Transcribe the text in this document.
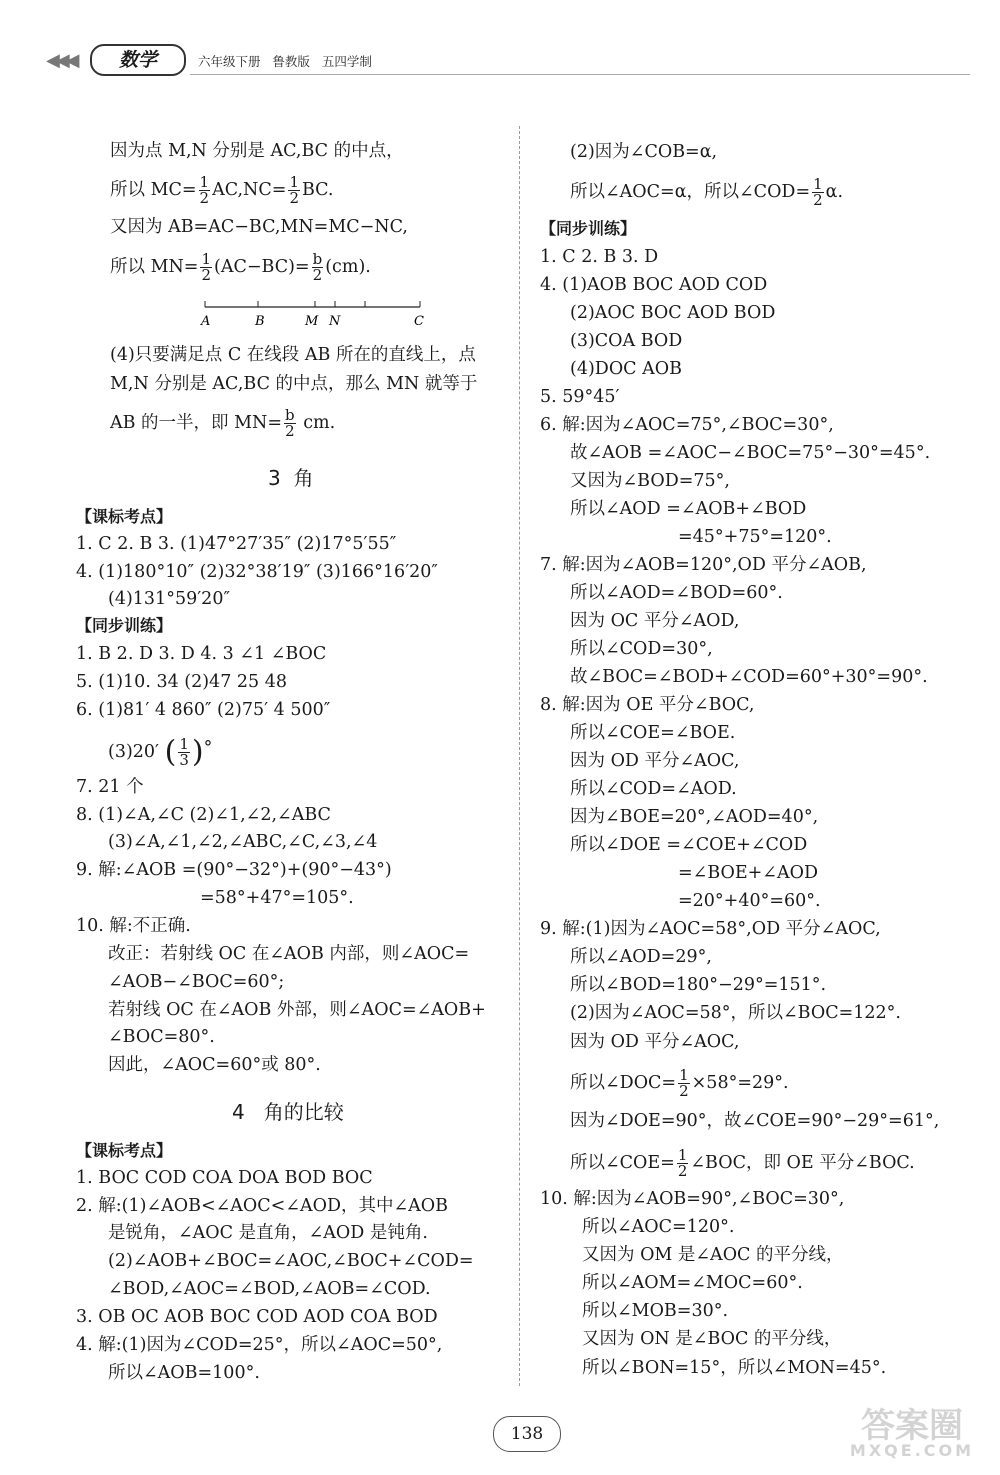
◀◀◀	数学	六年级下册   鲁教版   五四学制
因为点 M,N 分别是 AC,BC 的中点，
所以 $MC= \frac{1}{2} AC,NC= \frac{1}{2}$ BC.
又因为 AB=AC−BC,MN=MC−NC,
所以 $MN= \frac{1}{2} (AC-BC)= \frac{b}{2} (cm)$.
A	B	M N	C
(4)只要满足点 C 在线段 AB 所在的直线上，点
M,N 分别是 AC,BC 的中点，那么 MN 就等于
AB 的一半，即 $MN= \frac{b}{2}$ cm.
3  角
【课标考点】
1. C 2. B 3. (1)47°27′35″ (2)17°5′55″
4. (1)180°10″ (2)32°38′19″ (3)166°16′20″
(4)131°59′20″
【同步训练】
1. B 2. D 3. D 4. 3 ∠1 ∠BOC
5. (1)10. 34 (2)47 25 48
6. (1)81′ 4 860″ (2)75′ 4 500″
(3)20′ ( $\frac{1}{3}$ )°
7. 21 个
8. (1)∠A,∠C (2)∠1,∠2,∠ABC
(3)∠A,∠1,∠2,∠ABC,∠C,∠3,∠4
9. 解:∠AOB =(90°−32°)+(90°−43°)
=58°+47°=105°.
10. 解:不正确.
改正：若射线 OC 在∠AOB 内部，则∠AOC=
∠AOB−∠BOC=60°;
若射线 OC 在∠AOB 外部，则∠AOC=∠AOB+
∠BOC=80°.
因此，∠AOC=60°或 80°.
4   角的比较
【课标考点】
1. BOC COD COA DOA BOD BOC
2. 解:(1)∠AOB<∠AOC<∠AOD，其中∠AOB
是锐角，∠AOC 是直角，∠AOD 是钝角.
(2)∠AOB+∠BOC=∠AOC,∠BOC+∠COD=
∠BOD,∠AOC=∠BOD,∠AOB=∠COD.
3. OB OC AOB BOC COD AOD COA BOD
4. 解:(1)因为∠COD=25°，所以∠AOC=50°,
所以∠AOB=100°.
(2)因为∠COB=α,
所以∠AOC=α，所以∠COD= $\frac{1}{2} \alpha$.
【同步训练】
1. C 2. B 3. D
4. (1)AOB BOC AOD COD
(2)AOC BOC AOD BOD
(3)COA BOD
(4)DOC AOB
5. 59°45′
6. 解:因为∠AOC=75°,∠BOC=30°,
故∠AOB =∠AOC−∠BOC=75°−30°=45°.
又因为∠BOD=75°,
所以∠AOD =∠AOB+∠BOD
=45°+75°=120°.
7. 解:因为∠AOB=120°,OD 平分∠AOB,
所以∠AOD=∠BOD=60°.
因为 OC 平分∠AOD,
所以∠COD=30°,
故∠BOC=∠BOD+∠COD=60°+30°=90°.
8. 解:因为 OE 平分∠BOC,
所以∠COE=∠BOE.
因为 OD 平分∠AOC,
所以∠COD=∠AOD.
因为∠BOE=20°,∠AOD=40°,
所以∠DOE =∠COE+∠COD
=∠BOE+∠AOD
=20°+40°=60°.
9. 解:(1)因为∠AOC=58°,OD 平分∠AOC,
所以∠AOD=29°,
所以∠BOD=180°−29°=151°.
(2)因为∠AOC=58°，所以∠BOC=122°.
因为 OD 平分∠AOC,
所以∠DOC= $\frac{1}{2} \times 58^\circ=29^\circ$.
因为∠DOE=90°，故∠COE=90°−29°=61°,
所以∠COE= $\frac{1}{2}$ ∠BOC，即 OE 平分∠BOC.
10. 解:因为∠AOB=90°,∠BOC=30°,
所以∠AOC=120°.
又因为 OM 是∠AOC 的平分线，
所以∠AOM=∠MOC=60°.
所以∠MOB=30°.
又因为 ON 是∠BOC 的平分线，
所以∠BON=15°，所以∠MON=45°.
138	答案圈
MXQE.COM
